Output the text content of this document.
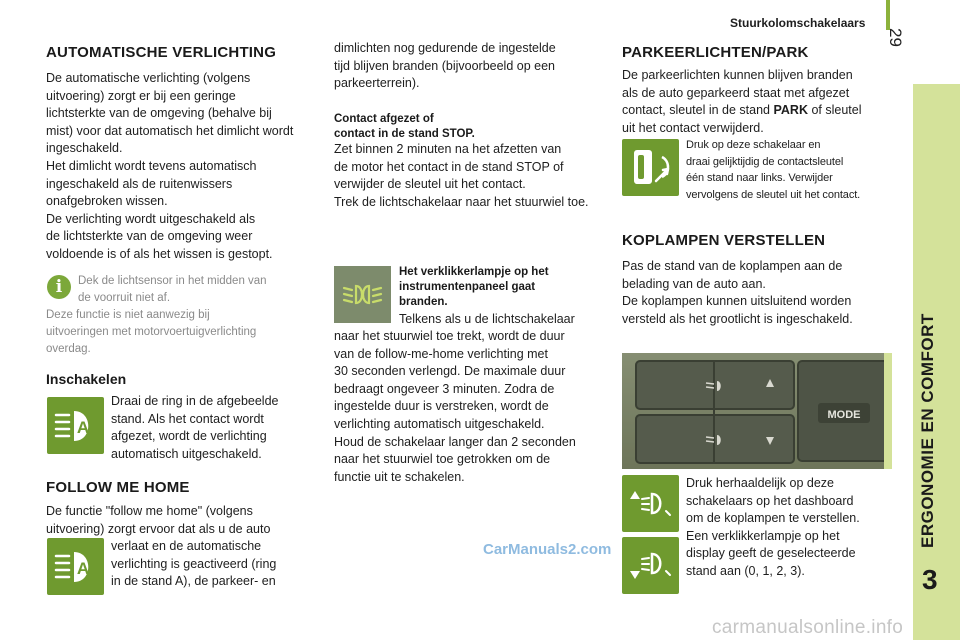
Stuurkolomschakelaars
29
ERGONOMIE EN COMFORT
3
AUTOMATISCHE VERLICHTING
De automatische verlichting (volgens
uitvoering) zorgt er bij een geringe
lichtsterkte van de omgeving (behalve bij
mist) voor dat automatisch het dimlicht wordt
ingeschakeld.
Het dimlicht wordt tevens automatisch
ingeschakeld als de ruitenwissers
onafgebroken wissen.
De verlichting wordt uitgeschakeld als
de lichtsterkte van de omgeving weer
voldoende is of als het wissen is gestopt.
i	Dek de lichtsensor in het midden van
de voorruit niet af.
Deze functie is niet aanwezig bij
uitvoeringen met motorvoertuigverlichting
overdag.
Inschakelen
A
Draai de ring in de afgebeelde
stand. Als het contact wordt
afgezet, wordt de verlichting
automatisch uitgeschakeld.
FOLLOW ME HOME
De functie "follow me home" (volgens
uitvoering) zorgt ervoor dat als u de auto
A
verlaat en de automatische
verlichting is geactiveerd (ring
in de stand A), de parkeer- en
dimlichten nog gedurende de ingestelde
tijd blijven branden (bijvoorbeeld op een
parkeerterrein).
Contact afgezet of
contact in de stand STOP.
Zet binnen 2 minuten na het afzetten van
de motor het contact in de stand STOP of
verwijder de sleutel uit het contact.
Trek de lichtschakelaar naar het stuurwiel toe.
Het verklikkerlampje op het
instrumentenpaneel gaat
branden.
Telkens als u de lichtschakelaar
naar het stuurwiel toe trekt, wordt de duur
van de follow-me-home verlichting met
30 seconden verlengd. De maximale duur
bedraagt ongeveer 3 minuten. Zodra de
ingestelde duur is verstreken, wordt de
verlichting automatisch uitgeschakeld.
Houd de schakelaar langer dan 2 seconden
naar het stuurwiel toe getrokken om de
functie uit te schakelen.
PARKEERLICHTEN/PARK
De parkeerlichten kunnen blijven branden
als de auto geparkeerd staat met afgezet
contact, sleutel in de stand PARK of sleutel
uit het contact verwijderd.
Druk op deze schakelaar en
draai gelijktijdig de contactsleutel
één stand naar links. Verwijder
vervolgens de sleutel uit het contact.
KOPLAMPEN VERSTELLEN
Pas de stand van de koplampen aan de
belading van de auto aan.
De koplampen kunnen uitsluitend worden
versteld als het grootlicht is ingeschakeld.
MODE
Druk herhaaldelijk op deze
schakelaars op het dashboard
om de koplampen te verstellen.
Een verklikkerlampje op het
display geeft de geselecteerde
stand aan (0, 1, 2, 3).
CarManuals2.com
carmanualsonline.info
